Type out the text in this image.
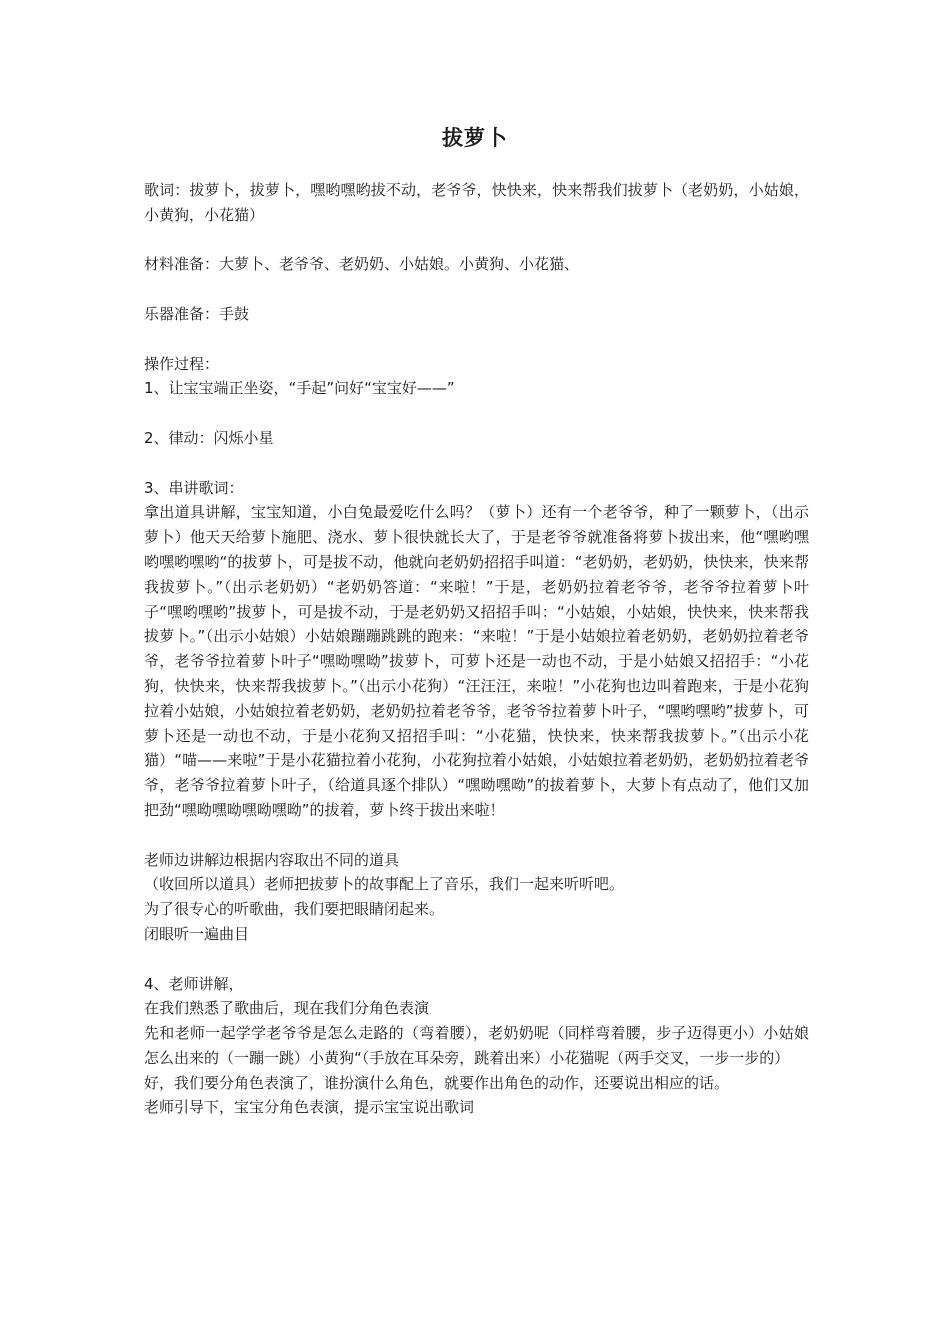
拔萝卜

歌词：拔萝卜，拔萝卜，嘿哟嘿哟拔不动，老爷爷，快快来，快来帮我们拔萝卜（老奶奶，小姑娘，小黄狗，小花猫）

材料准备：大萝卜、老爷爷、老奶奶、小姑娘。小黄狗、小花猫、

乐器准备：手鼓

操作过程：

1、让宝宝端正坐姿，“手起”问好“宝宝好——”

2、律动：闪烁小星

3、串讲歌词：

拿出道具讲解，宝宝知道，小白兔最爱吃什么吗？（萝卜）还有一个老爷爷，种了一颗萝卜，（出示萝卜）他天天给萝卜施肥、浇水、萝卜很快就长大了，于是老爷爷就准备将萝卜拔出来，他“嘿哟嘿哟嘿哟嘿哟“的拔萝卜，可是拔不动，他就向老奶奶招招手叫道：“老奶奶，老奶奶，快快来，快来帮我拔萝卜。”（出示老奶奶）“老奶奶答道：“来啦！”于是，老奶奶拉着老爷爷，老爷爷拉着萝卜叶子“嘿哟嘿哟”拔萝卜，可是拔不动，于是老奶奶又招招手叫：“小姑娘，小姑娘，快快来，快来帮我拔萝卜。”（出示小姑娘）小姑娘蹦蹦跳跳的跑来：“来啦！”于是小姑娘拉着老奶奶，老奶奶拉着老爷爷，老爷爷拉着萝卜叶子“嘿呦嘿呦”拔萝卜，可萝卜还是一动也不动，于是小姑娘又招招手：“小花狗，快快来，快来帮我拔萝卜。”（出示小花狗）“汪汪汪，来啦！”小花狗也边叫着跑来，于是小花狗拉着小姑娘，小姑娘拉着老奶奶，老奶奶拉着老爷爷，老爷爷拉着萝卜叶子，“嘿哟嘿哟”拔萝卜，可萝卜还是一动也不动，于是小花狗又招招手叫：“小花猫，快快来，快来帮我拔萝卜。”（出示小花猫）“喵——来啦”于是小花猫拉着小花狗，小花狗拉着小姑娘，小姑娘拉着老奶奶，老奶奶拉着老爷爷，老爷爷拉着萝卜叶子，（给道具逐个排队）“嘿呦嘿呦”的拔着萝卜，大萝卜有点动了，他们又加把劲“嘿呦嘿呦嘿呦嘿呦”的拔着，萝卜终于拔出来啦！

老师边讲解边根据内容取出不同的道具

（收回所以道具）老师把拔萝卜的故事配上了音乐，我们一起来听听吧。

为了很专心的听歌曲，我们要把眼睛闭起来。

闭眼听一遍曲目

4、老师讲解，

在我们熟悉了歌曲后，现在我们分角色表演

先和老师一起学学老爷爷是怎么走路的（弯着腰），老奶奶呢（同样弯着腰，步子迈得更小）小姑娘怎么出来的（一蹦一跳）小黄狗“（手放在耳朵旁，跳着出来）小花猫呢（两手交叉，一步一步的）

好，我们要分角色表演了，谁扮演什么角色，就要作出角色的动作，还要说出相应的话。

老师引导下，宝宝分角色表演，提示宝宝说出歌词
